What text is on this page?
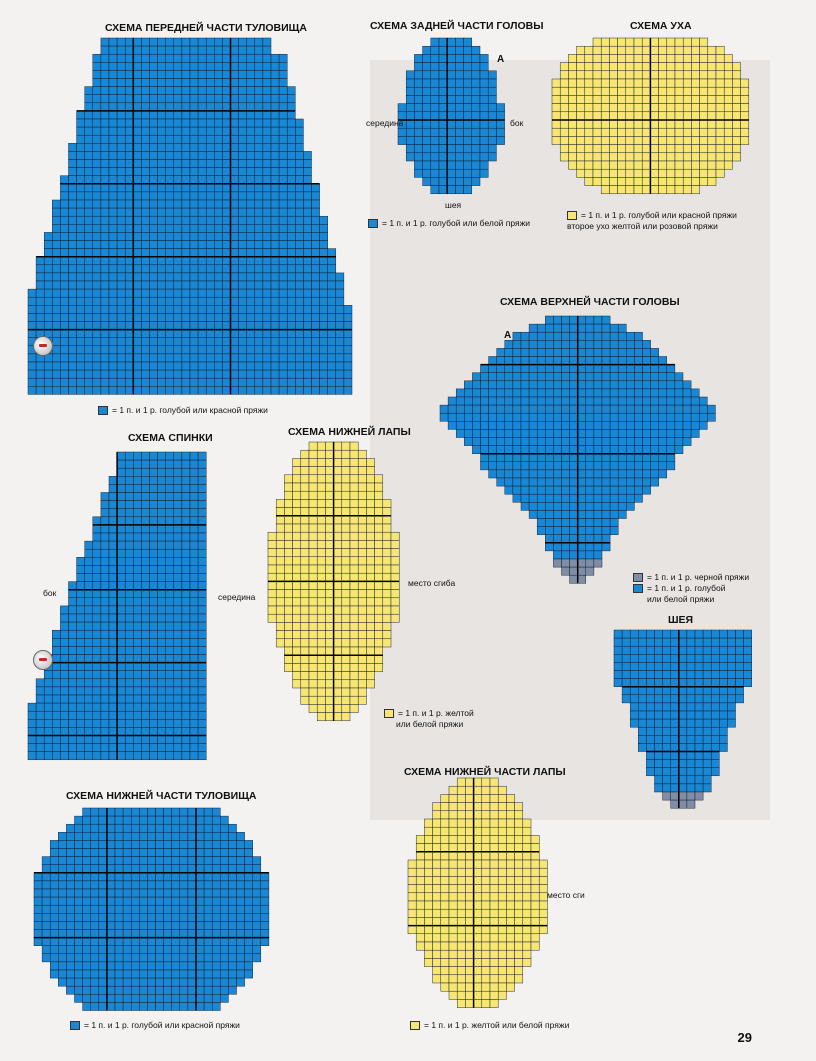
СХЕМА ПЕРЕДНЕЙ ЧАСТИ ТУЛОВИЩА
= 1 п. и 1 р. голубой или красной пряжи
СХЕМА ЗАДНЕЙ ЧАСТИ ГОЛОВЫ
А
середина	бок
шея
= 1 п. и 1 р. голубой или белой пряжи
СХЕМА УХА
= 1 п. и 1 р. голубой или красной пряжи
второе ухо желтой или розовой пряжи
СХЕМА ВЕРХНЕЙ ЧАСТИ ГОЛОВЫ
А
= 1 п. и 1 р. черной пряжи
= 1 п. и 1 р. голубой
или белой пряжи
СХЕМА СПИНКИ
бок	середина
СХЕМА НИЖНЕЙ ЛАПЫ
место сгиба
= 1 п. и 1 р. желтой
или белой пряжи
ШЕЯ
СХЕМА НИЖНЕЙ ЧАСТИ ТУЛОВИЩА
= 1 п. и 1 р. голубой или красной пряжи
СХЕМА НИЖНЕЙ ЧАСТИ ЛАПЫ
место сги
= 1 п. и 1 р. желтой или белой пряжи
29
